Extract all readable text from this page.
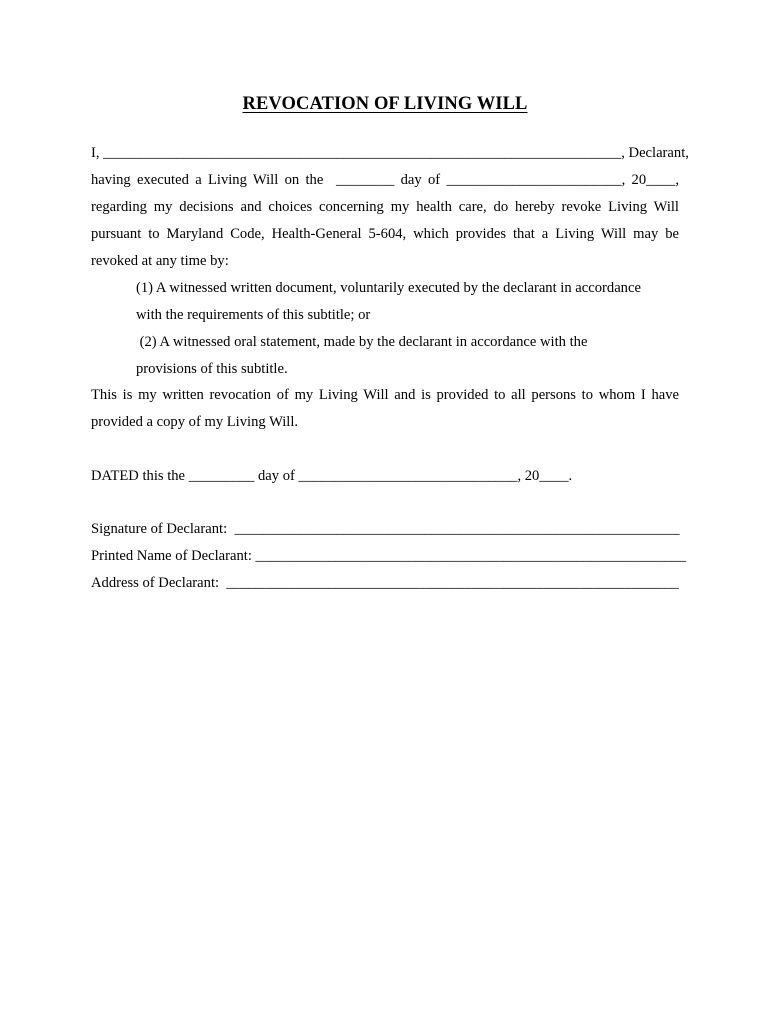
REVOCATION OF LIVING WILL
I, _______________________________________________________________________, Declarant,
having executed a Living Will on the  ________ day of ________________________, 20____,
regarding my decisions and choices concerning my health care, do hereby revoke Living Will
pursuant to Maryland Code, Health-General 5-604, which provides that a Living Will may be
revoked at any time by:
(1) A witnessed written document, voluntarily executed by the declarant in accordance
with the requirements of this subtitle; or
(2) A witnessed oral statement, made by the declarant in accordance with the
provisions of this subtitle.
This is my written revocation of my Living Will and is provided to all persons to whom I have
provided a copy of my Living Will.
DATED this the _________ day of ______________________________, 20____.
Signature of Declarant:  _____________________________________________________________
Printed Name of Declarant: ___________________________________________________________
Address of Declarant:  ______________________________________________________________
